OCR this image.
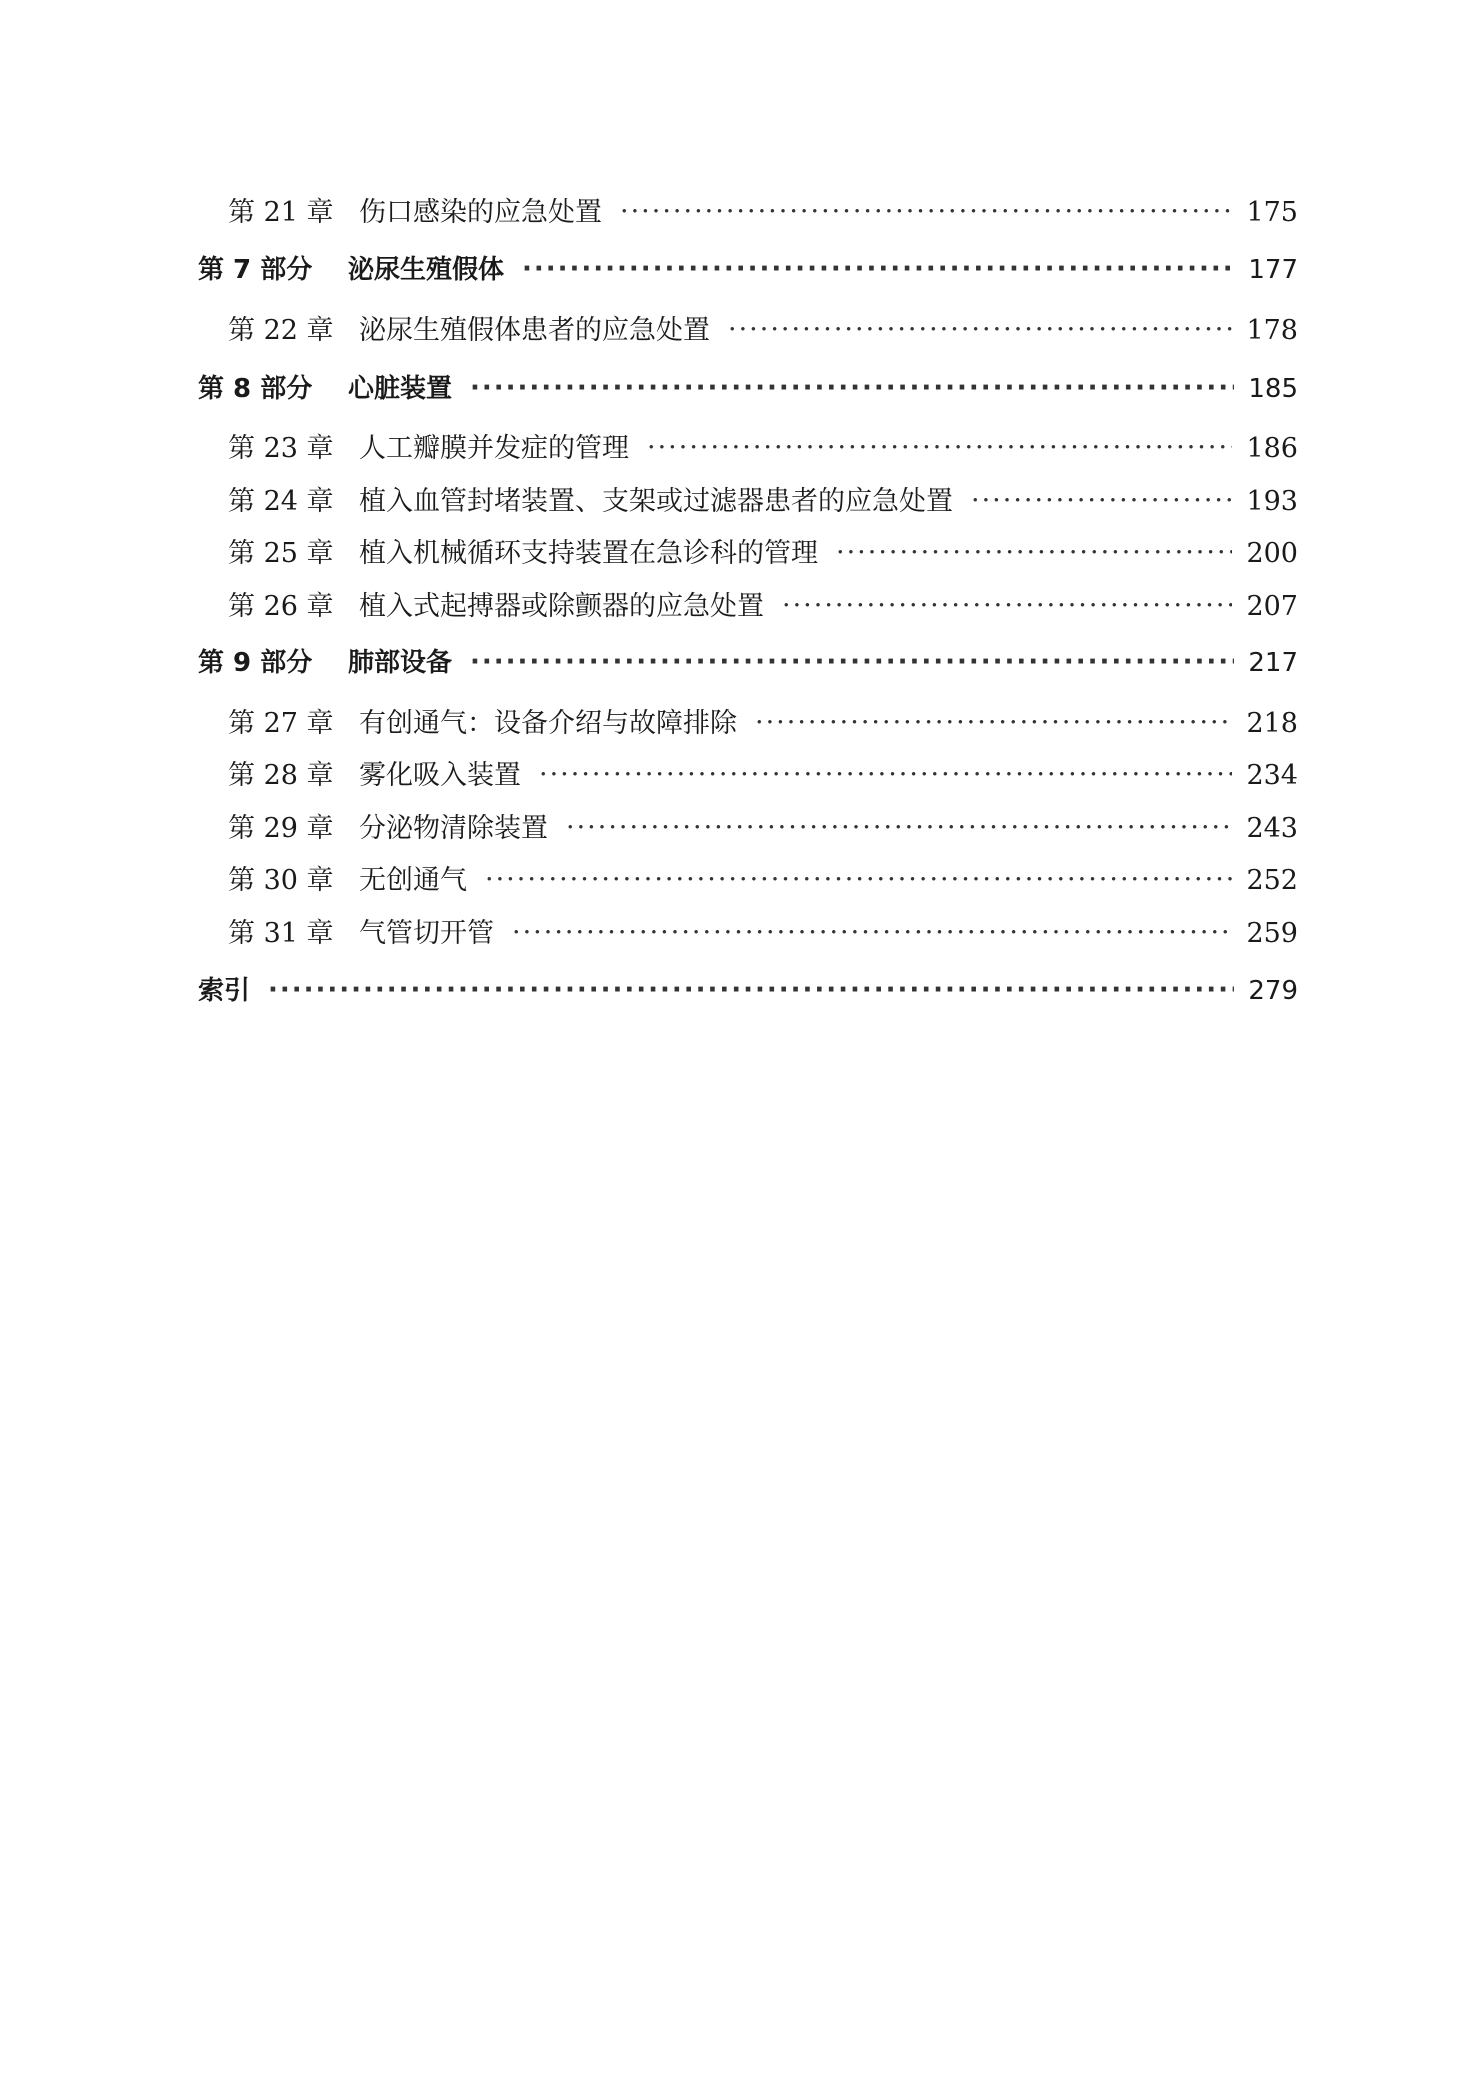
第 21 章 伤口感染的应急处置 ·····	175
第 7 部分	泌尿生殖假体 ·····	177
第 22 章 泌尿生殖假体患者的应急处置 ·····	178
第 8 部分	心脏装置 ·····	185
第 23 章 人工瓣膜并发症的管理 ·····	186
第 24 章 植入血管封堵装置、支架或过滤器患者的应急处置 ·····	193
第 25 章 植入机械循环支持装置在急诊科的管理 ·····	200
第 26 章 植入式起搏器或除颤器的应急处置 ·····	207
第 9 部分	肺部设备 ·····	217
第 27 章 有创通气：设备介绍与故障排除 ·····	218
第 28 章 雾化吸入装置 ·····	234
第 29 章 分泌物清除装置 ·····	243
第 30 章 无创通气 ·····	252
第 31 章 气管切开管 ·····	259
索引 ·····	279
